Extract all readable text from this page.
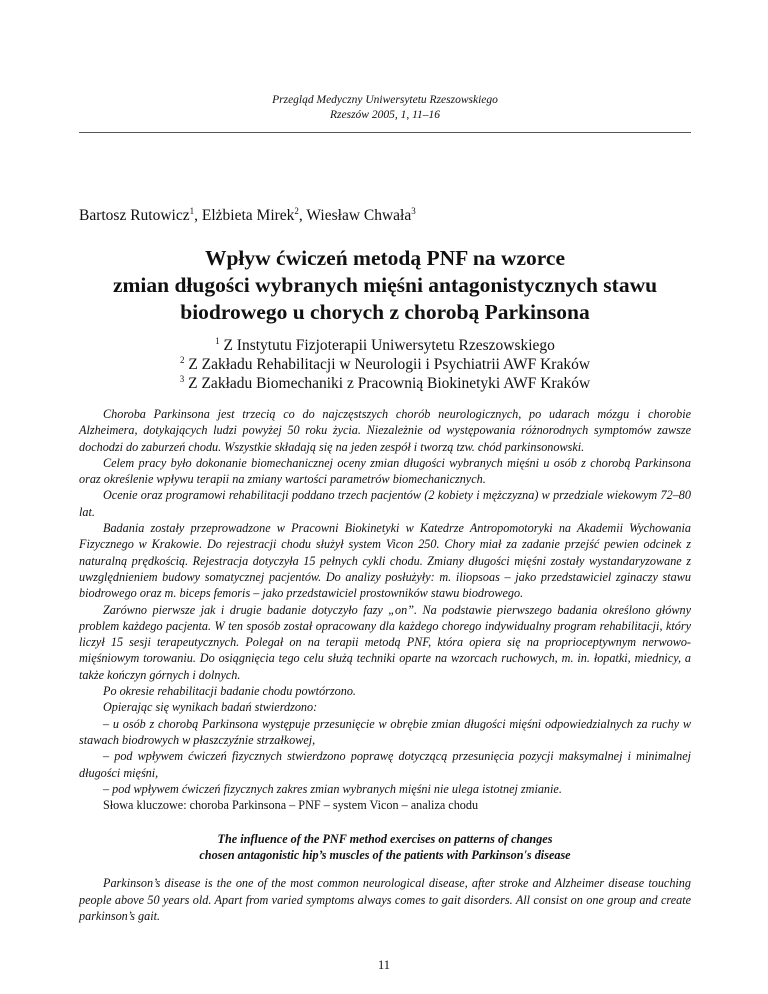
Przegląd Medyczny Uniwersytetu Rzeszowskiego
Rzeszów 2005, 1, 11–16
Bartosz Rutowicz$^1$, Elżbieta Mirek$^2$, Wiesław Chwała$^3$
Wpływ ćwiczeń metodą PNF na wzorce
zmian długości wybranych mięśni antagonistycznych stawu
biodrowego u chorych z chorobą Parkinsona
$^1$ Z Instytutu Fizjoterapii Uniwersytetu Rzeszowskiego
$^2$ Z Zakładu Rehabilitacji w Neurologii i Psychiatrii AWF Kraków
$^3$ Z Zakładu Biomechaniki z Pracownią Biokinetyki AWF Kraków

Choroba Parkinsona jest trzecią co do najczęstszych chorób neurologicznych, po udarach mózgu i chorobie Alzheimera, dotykających ludzi powyżej 50 roku życia. Niezależnie od występowania różnorodnych symptomów zawsze dochodzi do zaburzeń chodu. Wszystkie składają się na jeden zespół i tworzą tzw. chód parkinsonowski.

Celem pracy było dokonanie biomechanicznej oceny zmian długości wybranych mięśni u osób z chorobą Parkinsona oraz określenie wpływu terapii na zmiany wartości parametrów biomechanicznych.

Ocenie oraz programowi rehabilitacji poddano trzech pacjentów (2 kobiety i mężczyzna) w przedziale wiekowym 72–80 lat.

Badania zostały przeprowadzone w Pracowni Biokinetyki w Katedrze Antropomotoryki na Akademii Wychowania Fizycznego w Krakowie. Do rejestracji chodu służył system Vicon 250. Chory miał za zadanie przejść pewien odcinek z naturalną prędkością. Rejestracja dotyczyła 15 pełnych cykli chodu. Zmiany długości mięśni zostały wystandaryzowane z uwzględnieniem budowy somatycznej pacjentów. Do analizy posłużyły: m. iliopsoas – jako przedstawiciel zginaczy stawu biodrowego oraz m. biceps femoris – jako przedstawiciel prostowników stawu biodrowego.

Zarówno pierwsze jak i drugie badanie dotyczyło fazy „on”. Na podstawie pierwszego badania określono główny problem każdego pacjenta. W ten sposób został opracowany dla każdego chorego indywidualny program rehabilitacji, który liczył 15 sesji terapeutycznych. Polegał on na terapii metodą PNF, która opiera się na proprioceptywnym nerwowo-mięśniowym torowaniu. Do osiągnięcia tego celu służą techniki oparte na wzorcach ruchowych, m. in. łopatki, miednicy, a także kończyn górnych i dolnych.

Po okresie rehabilitacji badanie chodu powtórzono.

Opierając się wynikach badań stwierdzono:

– u osób z chorobą Parkinsona występuje przesunięcie w obrębie zmian długości mięśni odpowiedzialnych za ruchy w stawach biodrowych w płaszczyźnie strzałkowej,

– pod wpływem ćwiczeń fizycznych stwierdzono poprawę dotyczącą przesunięcia pozycji maksymalnej i minimalnej długości mięśni,

– pod wpływem ćwiczeń fizycznych zakres zmian wybranych mięśni nie ulega istotnej zmianie.

Słowa kluczowe: choroba Parkinsona – PNF – system Vicon – analiza chodu

The influence of the PNF method exercises on patterns of changes
chosen antagonistic hip’s muscles of the patients with Parkinson's disease

Parkinson’s disease is the one of the most common neurological disease, after stroke and Alzheimer disease touching people above 50 years old. Apart from varied symptoms always comes to gait disorders. All consist on one group and create parkinson’s gait.

11
